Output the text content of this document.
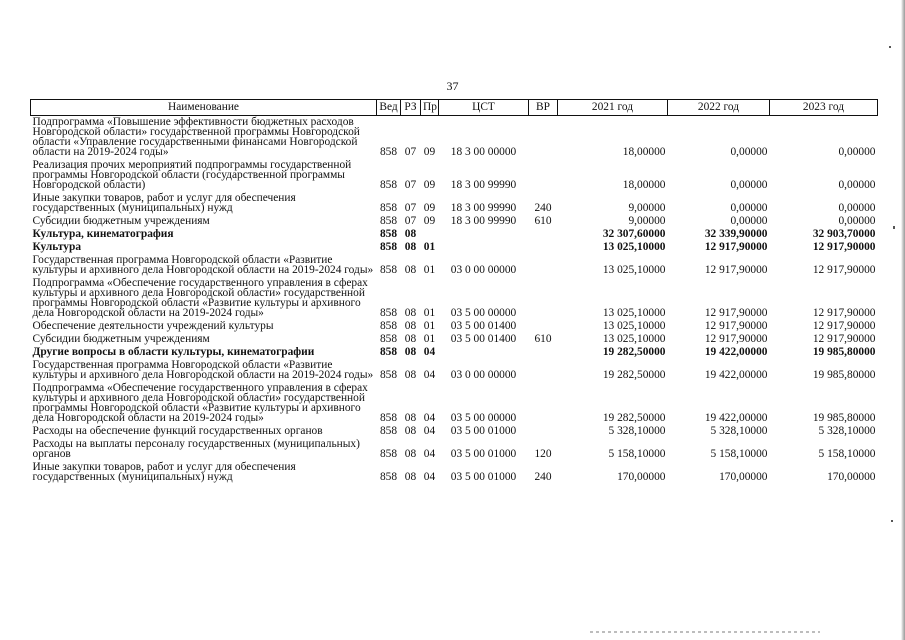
37
Наименование	Вед	РЗ	Пр	ЦСТ	ВР	2021 год	2022 год	2023 год
Подпрограмма «Повышение эффективности бюджетных расходов Новгородской области» государственной программы Новгородской области «Управление государственными финансами Новгородской области на 2019-2024 годы»	858	07	09	18 3 00 00000		18,00000	0,00000	0,00000
Реализация прочих мероприятий подпрограммы государственной программы Новгородской области (государственной программы Новгородской области)	858	07	09	18 3 00 99990		18,00000	0,00000	0,00000
Иные закупки товаров, работ и услуг для обеспечения государственных (муниципальных) нужд	858	07	09	18 3 00 99990	240	9,00000	0,00000	0,00000
Субсидии бюджетным учреждениям	858	07	09	18 3 00 99990	610	9,00000	0,00000	0,00000
Культура, кинематография	858	08				32 307,60000	32 339,90000	32 903,70000
Культура	858	08	01			13 025,10000	12 917,90000	12 917,90000
Государственная программа Новгородской области «Развитие культуры и архивного дела Новгородской области на 2019-2024 годы»	858	08	01	03 0 00 00000		13 025,10000	12 917,90000	12 917,90000
Подпрограмма «Обеспечение государственного управления в сферах культуры и архивного дела Новгородской области» государственной программы Новгородской области «Развитие культуры и архивного дела Новгородской области на 2019-2024 годы»	858	08	01	03 5 00 00000		13 025,10000	12 917,90000	12 917,90000
Обеспечение деятельности учреждений культуры	858	08	01	03 5 00 01400		13 025,10000	12 917,90000	12 917,90000
Субсидии бюджетным учреждениям	858	08	01	03 5 00 01400	610	13 025,10000	12 917,90000	12 917,90000
Другие вопросы в области культуры, кинематографии	858	08	04			19 282,50000	19 422,00000	19 985,80000
Государственная программа Новгородской области «Развитие культуры и архивного дела Новгородской области на 2019-2024 годы»	858	08	04	03 0 00 00000		19 282,50000	19 422,00000	19 985,80000
Подпрограмма «Обеспечение государственного управления в сферах культуры и архивного дела Новгородской области» государственной программы Новгородской области «Развитие культуры и архивного дела Новгородской области на 2019-2024 годы»	858	08	04	03 5 00 00000		19 282,50000	19 422,00000	19 985,80000
Расходы на обеспечение функций государственных органов	858	08	04	03 5 00 01000		5 328,10000	5 328,10000	5 328,10000
Расходы на выплаты персоналу государственных (муниципальных) органов	858	08	04	03 5 00 01000	120	5 158,10000	5 158,10000	5 158,10000
Иные закупки товаров, работ и услуг для обеспечения государственных (муниципальных) нужд	858	08	04	03 5 00 01000	240	170,00000	170,00000	170,00000
